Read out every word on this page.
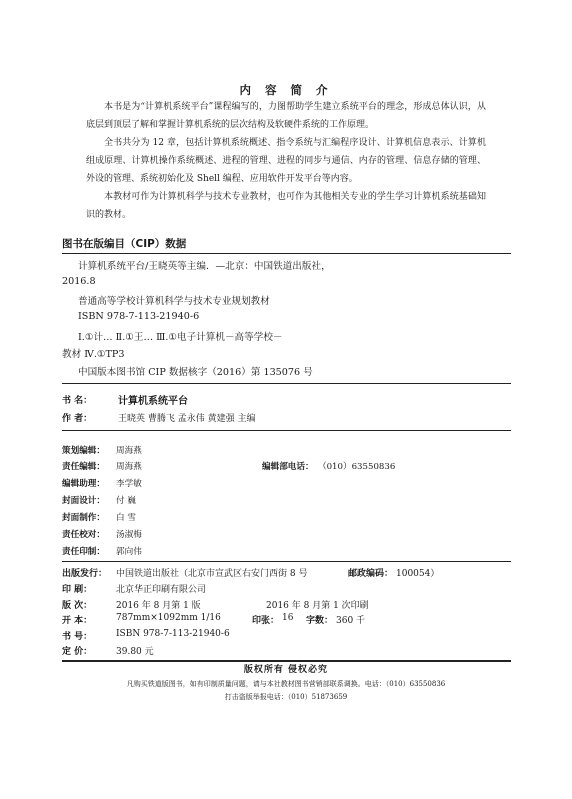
内 容 简 介
本书是为“计算机系统平台”课程编写的，力图帮助学生建立系统平台的理念，形成总体认识，从底层到顶层了解和掌握计算机系统的层次结构及软硬件系统的工作原理。
全书共分为 12 章，包括计算机系统概述、指令系统与汇编程序设计、计算机信息表示、计算机组成原理、计算机操作系统概述、进程的管理、进程的同步与通信、内存的管理、信息存储的管理、外设的管理、系统初始化及 Shell 编程、应用软件开发平台等内容。
本教材可作为计算机科学与技术专业教材，也可作为其他相关专业的学生学习计算机系统基础知识的教材。
图书在版编目（CIP）数据
计算机系统平台/王晓英等主编．—北京：中国铁道出版社，
2016.8
普通高等学校计算机科学与技术专业规划教材
ISBN 978-7-113-21940-6
Ⅰ.①计… Ⅱ.①王… Ⅲ.①电子计算机－高等学校－
教材 Ⅳ.①TP3
中国版本图书馆 CIP 数据核字（2016）第 135076 号
书 名：	计算机系统平台
作 者：	王晓英 曹腾飞 孟永伟 黄建强 主编
策划编辑： 周海燕
责任编辑： 周海燕	编辑部电话： （010）63550836
编辑助理： 李学敏
封面设计： 付 巍
封面制作： 白 雪
责任校对： 汤淑梅
责任印制： 郭向伟
出版发行： 中国铁道出版社（北京市宣武区右安门西街 8 号	邮政编码： 100054）
印 刷：	北京华正印刷有限公司
版 次：	2016 年 8 月第 1 版	2016 年 8 月第 1 次印刷
开 本：	787mm×1092mm 1/16	印张： 16 字数： 360 千
书 号：	ISBN 978-7-113-21940-6
定 价：	39.80 元
版权所有 侵权必究
凡购买铁道版图书，如有印制质量问题，请与本社教材图书营销部联系调换。电话：（010）63550836
打击盗版举报电话：（010）51873659
